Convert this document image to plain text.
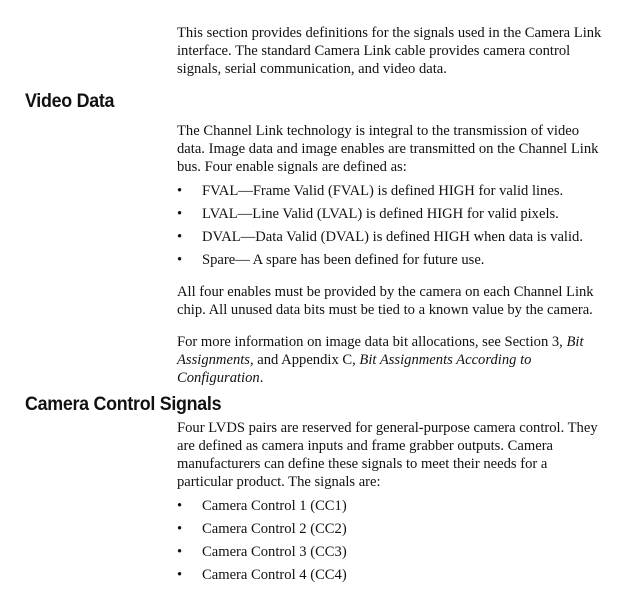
This section provides definitions for the signals used in the Camera Link interface. The standard Camera Link cable provides camera control signals, serial communication, and video data.

Video Data

The Channel Link technology is integral to the transmission of video data. Image data and image enables are transmitted on the Channel Link bus. Four enable signals are defined as:

• FVAL—Frame Valid (FVAL) is defined HIGH for valid lines.
• LVAL—Line Valid (LVAL) is defined HIGH for valid pixels.
• DVAL—Data Valid (DVAL) is defined HIGH when data is valid.
• Spare— A spare has been defined for future use.

All four enables must be provided by the camera on each Channel Link chip. All unused data bits must be tied to a known value by the camera.

For more information on image data bit allocations, see Section 3, Bit Assignments, and Appendix C, Bit Assignments According to Configuration.

Camera Control Signals

Four LVDS pairs are reserved for general-purpose camera control. They are defined as camera inputs and frame grabber outputs. Camera manufacturers can define these signals to meet their needs for a particular product. The signals are:

• Camera Control 1 (CC1)
• Camera Control 2 (CC2)
• Camera Control 3 (CC3)
• Camera Control 4 (CC4)
